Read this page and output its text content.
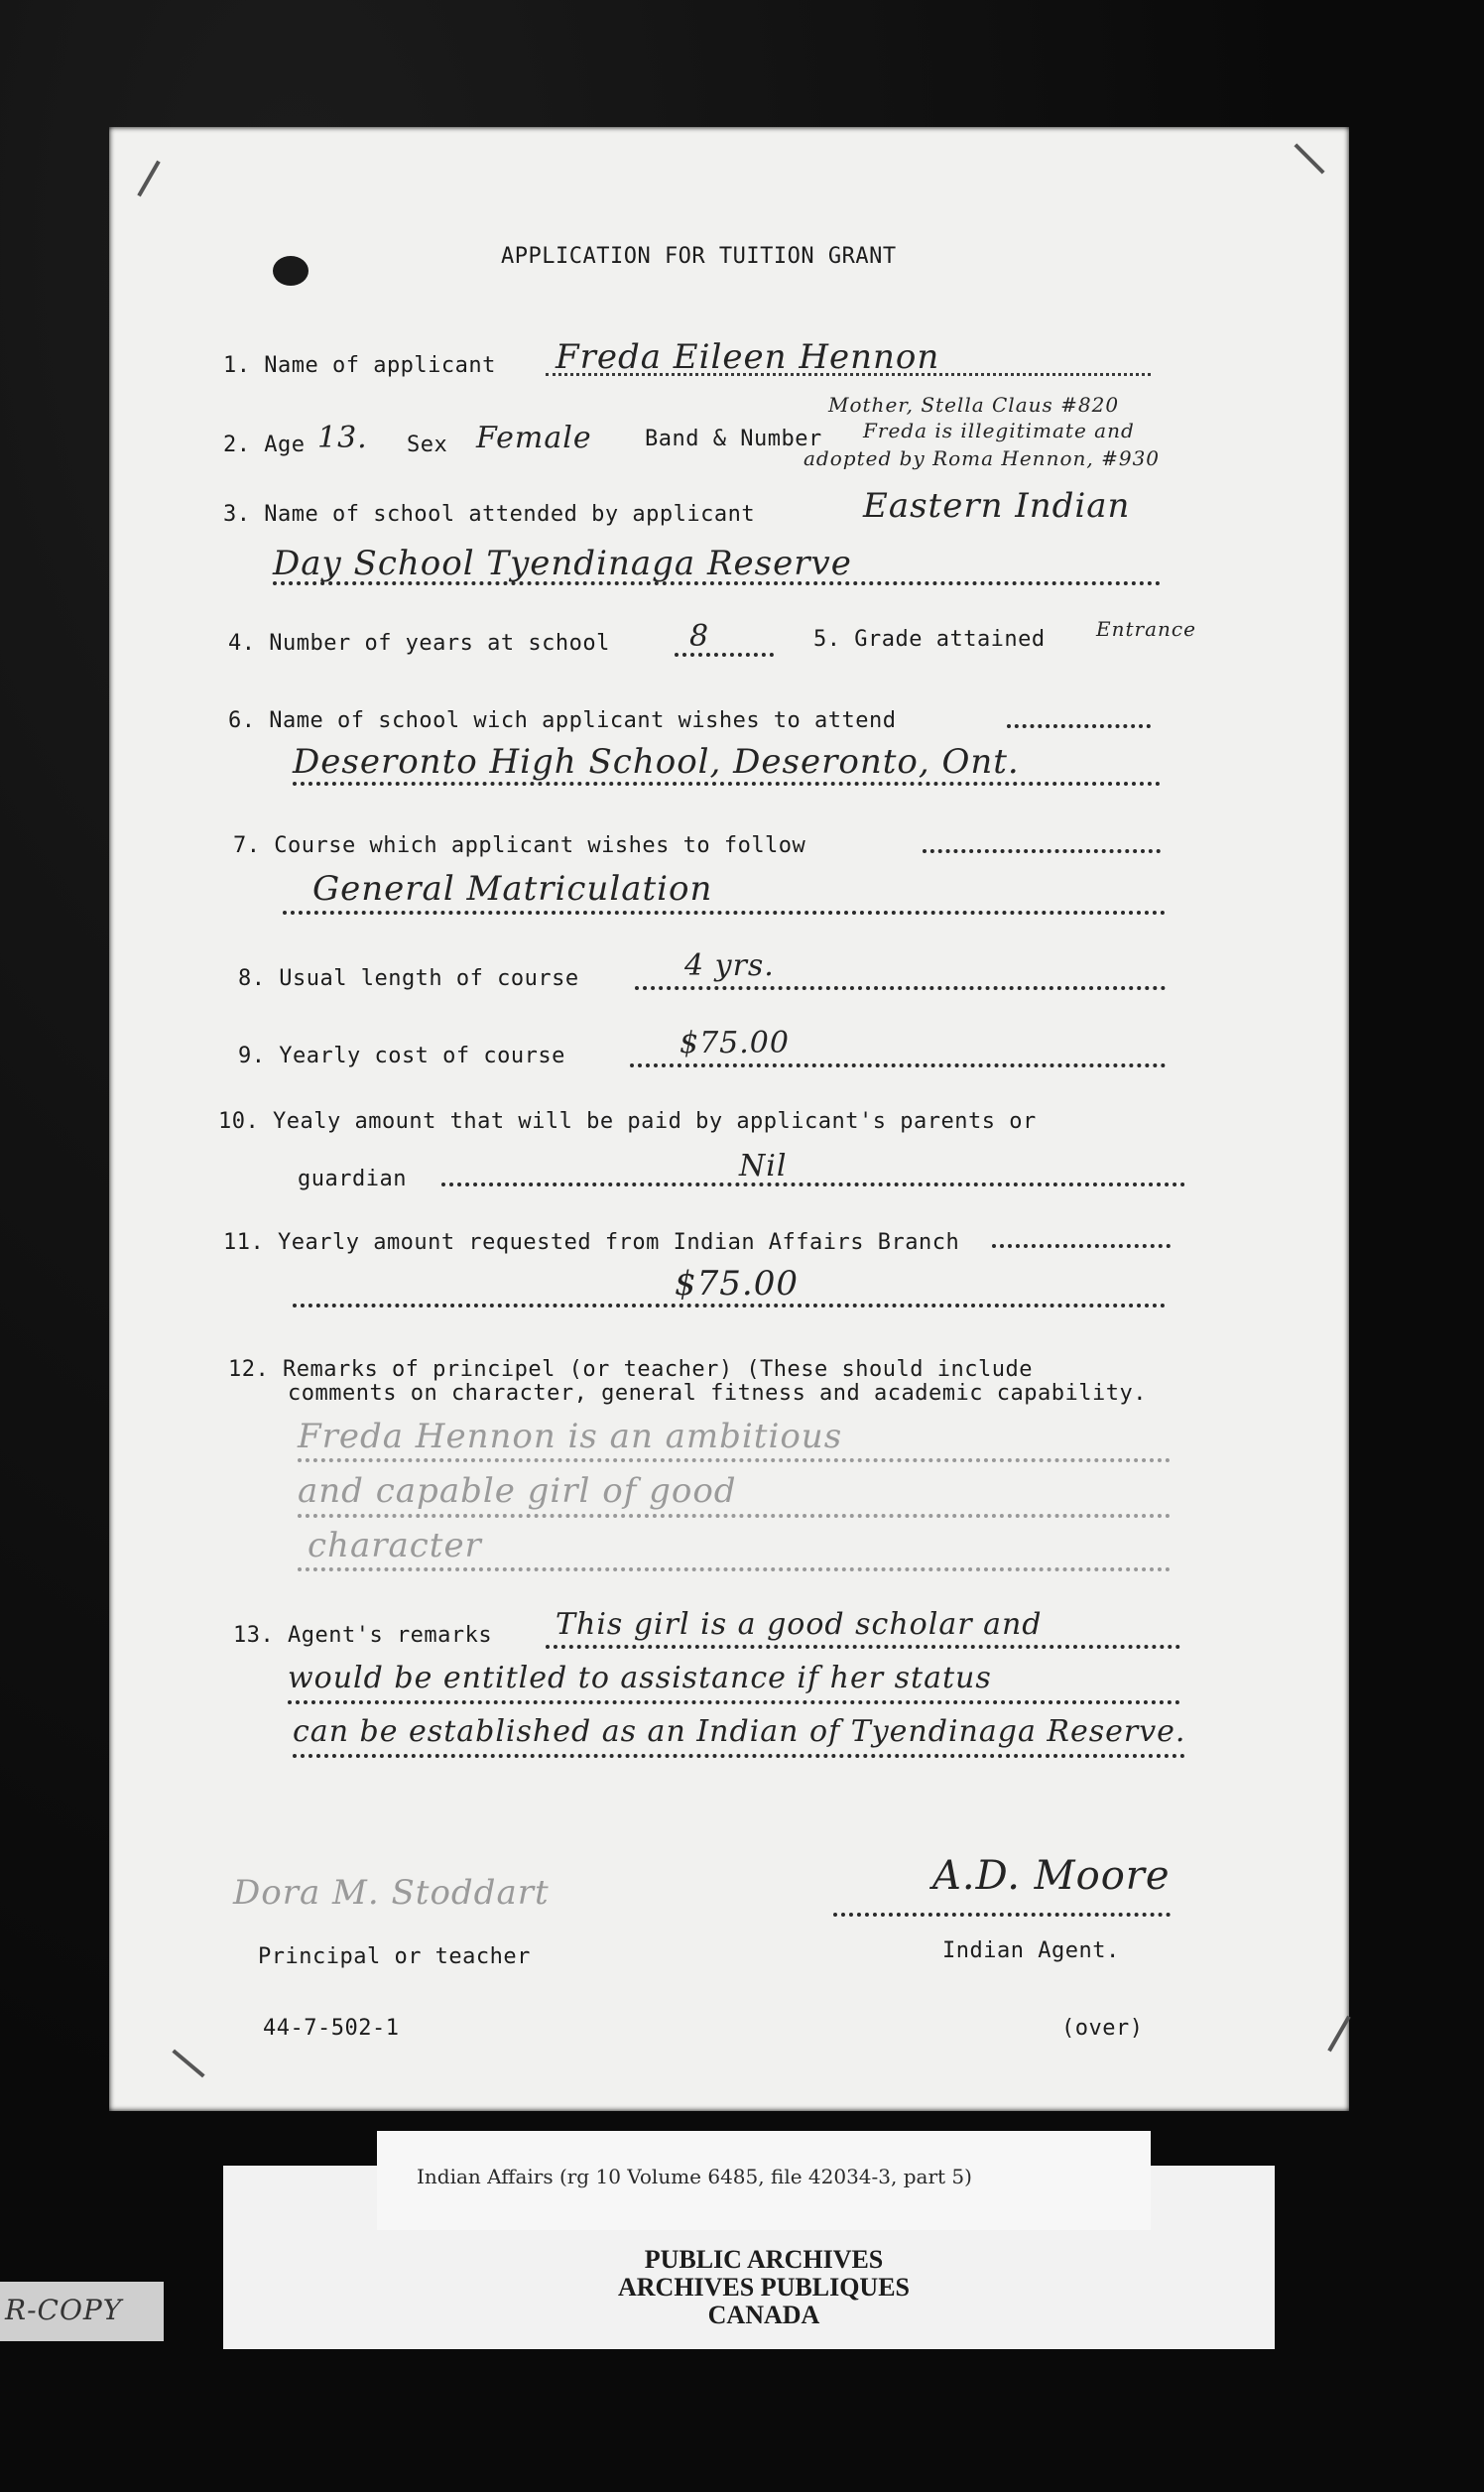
APPLICATION FOR TUITION GRANT
1. Name of applicant Freda Eileen Hennon
Mother, Stella Claus #820
2. Age 13. Sex Female Band & Number Freda is illegitimate and
adopted by Roma Hennon, #930
3. Name of school attended by applicant	Eastern Indian
Day School Tyendinaga Reserve
4. Number of years at school	8	5. Grade attained	Entrance
6. Name of school wich applicant wishes to attend
Deseronto High School, Deseronto, Ont.
7. Course which applicant wishes to follow
General Matriculation
8. Usual length of course	4 yrs.
9. Yearly cost of course	$75.00
10. Yealy amount that will be paid by applicant's parents or
guardian	Nil
11. Yearly amount requested from Indian Affairs Branch
$75.00
12. Remarks of principel (or teacher) (These should include
comments on character, general fitness and academic capability.
Freda Hennon is an ambitious
and capable girl of good
character
13. Agent's remarks This girl is a good scholar and
would be entitled to assistance if her status
can be established as an Indian of Tyendinaga Reserve.
Dora M. Stoddart
Principal or teacher
A.D. Moore
Indian Agent.
44-7-502-1	(over)
Indian Affairs (rg 10 Volume 6485, file 42034-3, part 5)
PUBLIC ARCHIVES
ARCHIVES PUBLIQUES
CANADA
R-COPY
